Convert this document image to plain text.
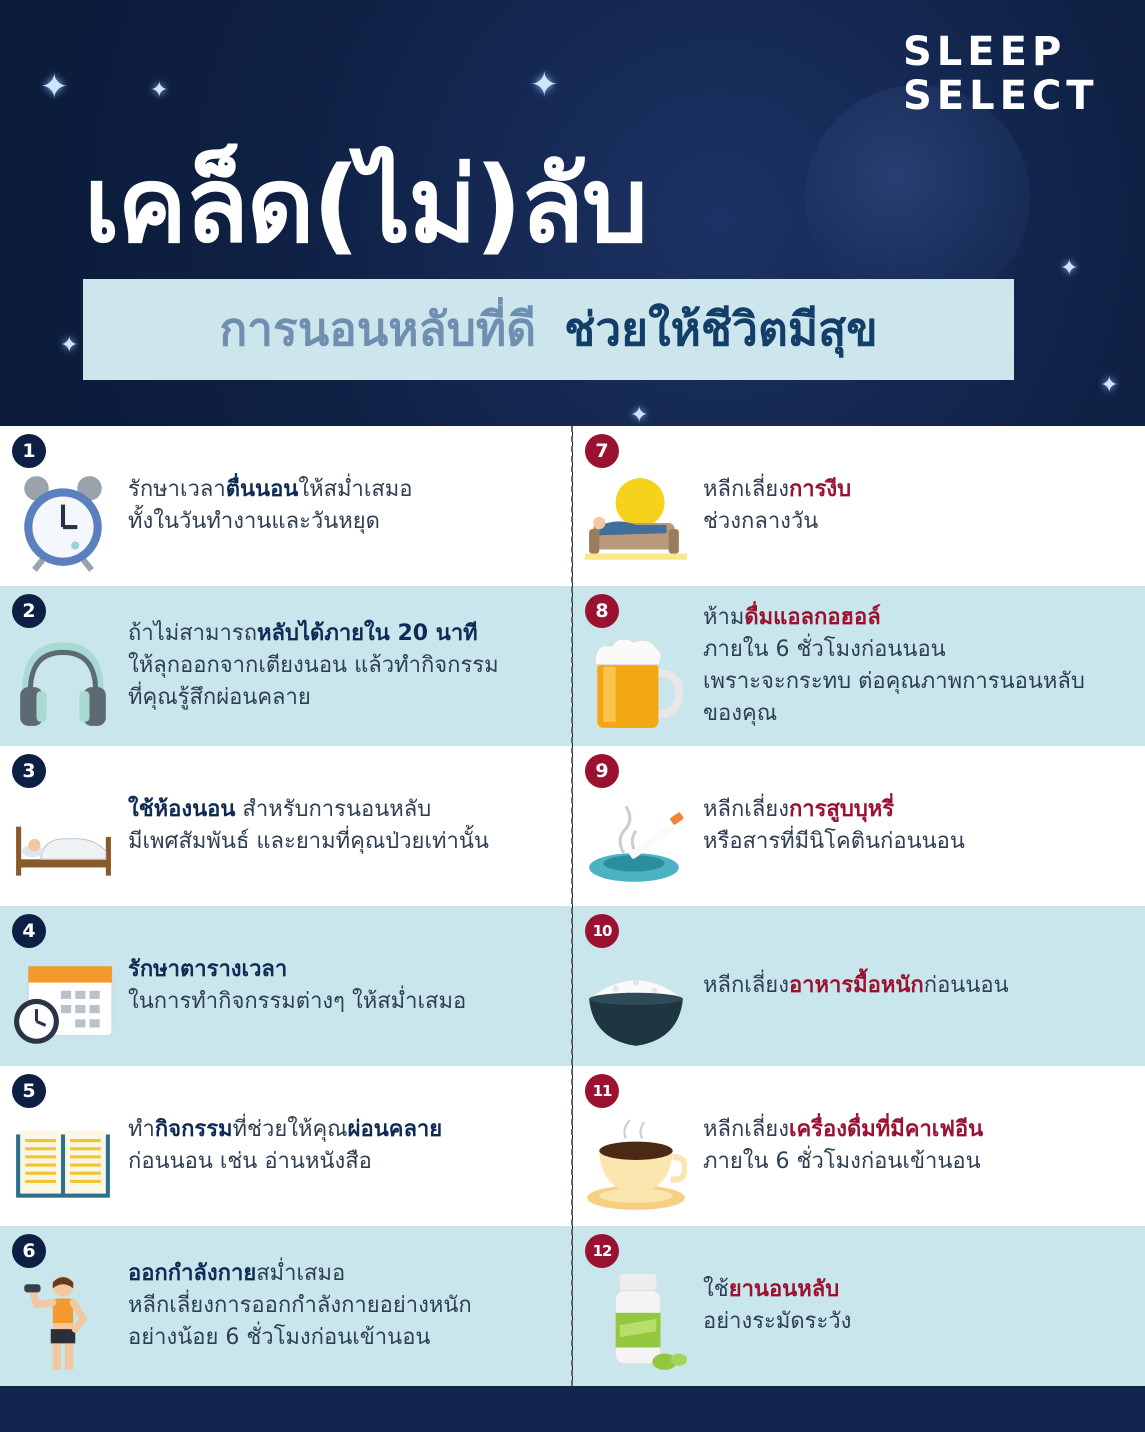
✦	✦	✦
✦
✦
✦
✦
SLEEP
SELECT
เคล็ด(ไม่)ลับ
การนอนหลับที่ดี ช่วยให้ชีวิตมีสุข
1
รักษาเวลาตื่นนอนให้สม่ำเสมอ
ทั้งในวันทำงานและวันหยุด
2
ถ้าไม่สามารถหลับได้ภายใน 20 นาที
ให้ลุกออกจากเตียงนอน แล้วทำกิจกรรม
ที่คุณรู้สึกผ่อนคลาย
3
ใช้ห้องนอน สำหรับการนอนหลับ
มีเพศสัมพันธ์ และยามที่คุณป่วยเท่านั้น
4
รักษาตารางเวลา
ในการทำกิจกรรมต่างๆ ให้สม่ำเสมอ
5
ทำกิจกรรมที่ช่วยให้คุณผ่อนคลาย
ก่อนนอน เช่น อ่านหนังสือ
6
ออกกำลังกายสม่ำเสมอ
หลีกเลี่ยงการออกกำลังกายอย่างหนัก
อย่างน้อย 6 ชั่วโมงก่อนเข้านอน
7
หลีกเลี่ยงการงีบ
ช่วงกลางวัน
8	ห้ามดื่มแอลกอฮอล์
ภายใน 6 ชั่วโมงก่อนนอน
เพราะจะกระทบ ต่อคุณภาพการนอนหลับ
ของคุณ
9
หลีกเลี่ยงการสูบบุหรี่
หรือสารที่มีนิโคตินก่อนนอน
10
หลีกเลี่ยงอาหารมื้อหนักก่อนนอน
11
หลีกเลี่ยงเครื่องดื่มที่มีคาเฟอีน
ภายใน 6 ชั่วโมงก่อนเข้านอน
12
ใช้ยานอนหลับ
อย่างระมัดระวัง
